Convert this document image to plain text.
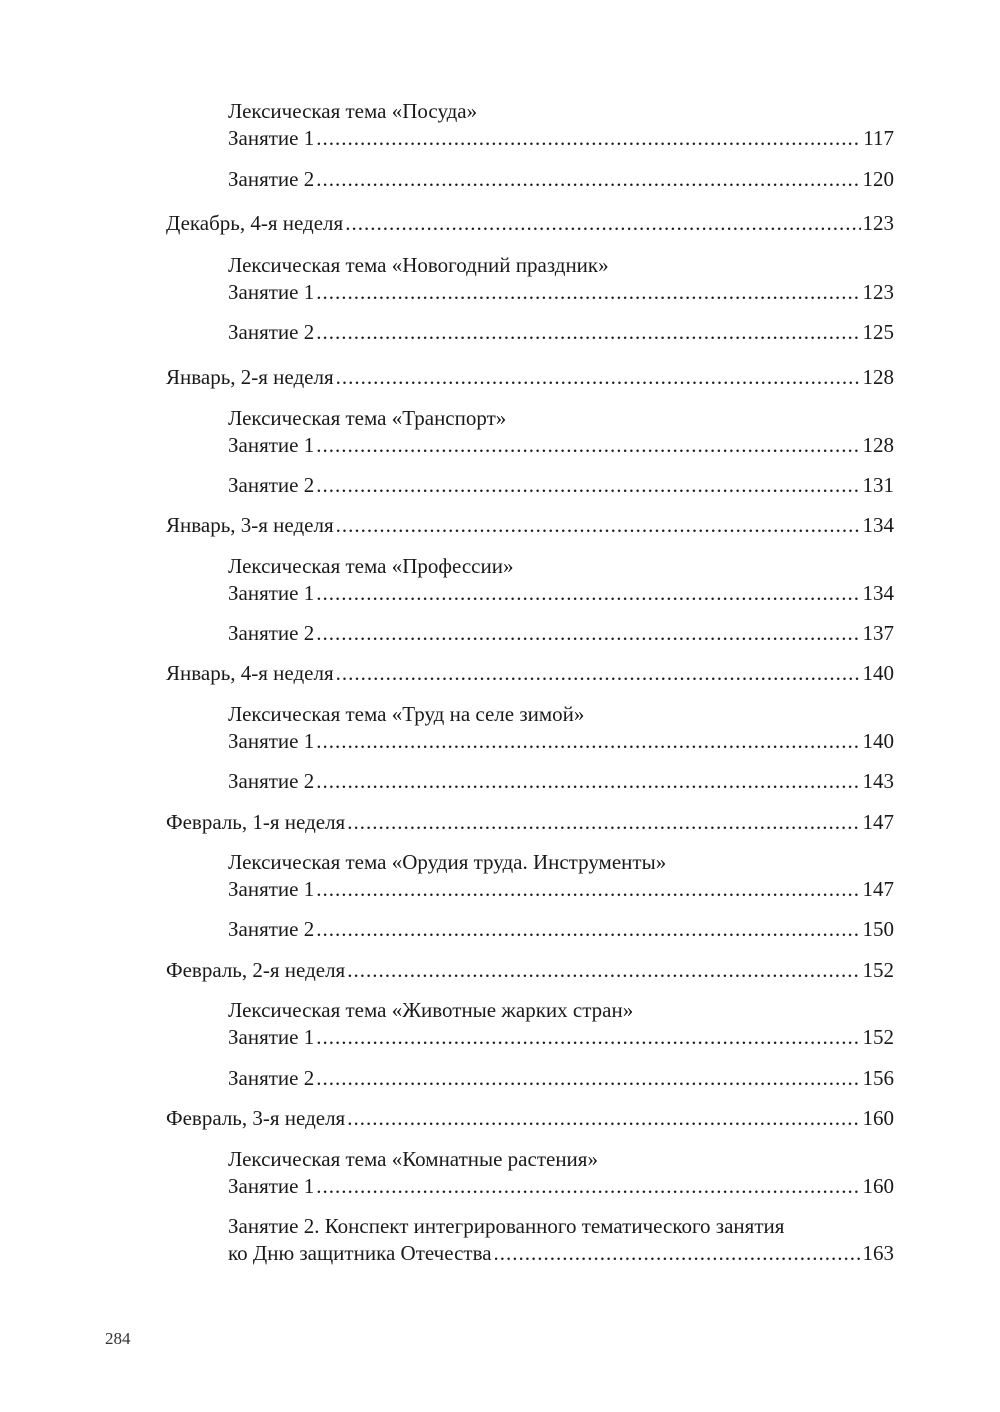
Лексическая тема «Посуда»
Занятие 1 .....	117
Занятие 2 .....	120
Декабрь, 4-я неделя .....	123
Лексическая тема «Новогодний праздник»
Занятие 1 .....	123
Занятие 2 .....	125
Январь, 2-я неделя .....	128
Лексическая тема «Транспорт»
Занятие 1 .....	128
Занятие 2 .....	131
Январь, 3-я неделя .....	134
Лексическая тема «Профессии»
Занятие 1 .....	134
Занятие 2 .....	137
Январь, 4-я неделя .....	140
Лексическая тема «Труд на селе зимой»
Занятие 1 .....	140
Занятие 2 .....	143
Февраль, 1-я неделя .....	147
Лексическая тема «Орудия труда. Инструменты»
Занятие 1 .....	147
Занятие 2 .....	150
Февраль, 2-я неделя .....	152
Лексическая тема «Животные жарких стран»
Занятие 1 .....	152
Занятие 2 .....	156
Февраль, 3-я неделя .....	160
Лексическая тема «Комнатные растения»
Занятие 1 .....	160
Занятие 2. Конспект интегрированного тематического занятия
ко Дню защитника Отечества .....	163
284
